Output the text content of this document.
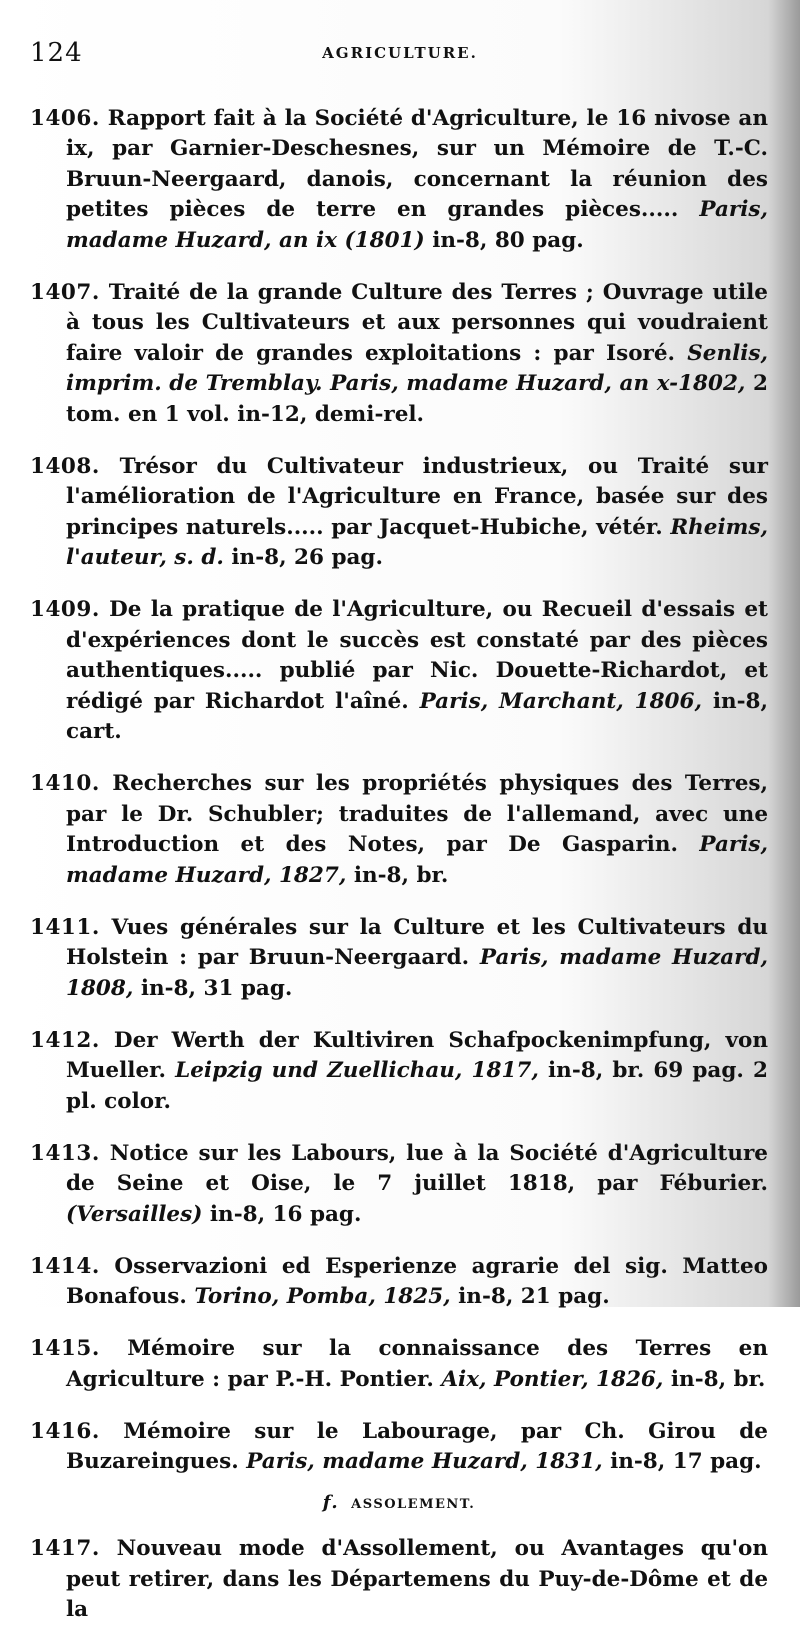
124	AGRICULTURE.

1406. Rapport fait à la Société d'Agriculture, le 16 nivose an ix, par Garnier-Deschesnes, sur un Mémoire de T.-C. Bruun-Neergaard, danois, concernant la réunion des petites pièces de terre en grandes pièces..... Paris, madame Huzard, an ix (1801) in-8, 80 pag.

1407. Traité de la grande Culture des Terres ; Ouvrage utile à tous les Cultivateurs et aux personnes qui voudraient faire valoir de grandes exploitations : par Isoré. Senlis, imprim. de Tremblay. Paris, madame Huzard, an x-1802, 2 tom. en 1 vol. in-12, demi-rel.

1408. Trésor du Cultivateur industrieux, ou Traité sur l'amélioration de l'Agriculture en France, basée sur des principes naturels..... par Jacquet-Hubiche, vétér. Rheims, l'auteur, s. d. in-8, 26 pag.

1409. De la pratique de l'Agriculture, ou Recueil d'essais et d'expériences dont le succès est constaté par des pièces authentiques..... publié par Nic. Douette-Richardot, et rédigé par Richardot l'aîné. Paris, Marchant, 1806, in-8, cart.

1410. Recherches sur les propriétés physiques des Terres, par le Dr. Schubler; traduites de l'allemand, avec une Introduction et des Notes, par De Gasparin. Paris, madame Huzard, 1827, in-8, br.

1411. Vues générales sur la Culture et les Cultivateurs du Holstein : par Bruun-Neergaard. Paris, madame Huzard, 1808, in-8, 31 pag.

1412. Der Werth der Kultiviren Schafpockenimpfung, von Mueller. Leipzig und Zuellichau, 1817, in-8, br. 69 pag. 2 pl. color.

1413. Notice sur les Labours, lue à la Société d'Agriculture de Seine et Oise, le 7 juillet 1818, par Féburier. (Versailles) in-8, 16 pag.

1414. Osservazioni ed Esperienze agrarie del sig. Matteo Bonafous. Torino, Pomba, 1825, in-8, 21 pag.

1415. Mémoire sur la connaissance des Terres en Agriculture : par P.-H. Pontier. Aix, Pontier, 1826, in-8, br.

1416. Mémoire sur le Labourage, par Ch. Girou de Buzareingues. Paris, madame Huzard, 1831, in-8, 17 pag.

f. ASSOLEMENT.

1417. Nouveau mode d'Assollement, ou Avantages qu'on peut retirer, dans les Départemens du Puy-de-Dôme et de la
